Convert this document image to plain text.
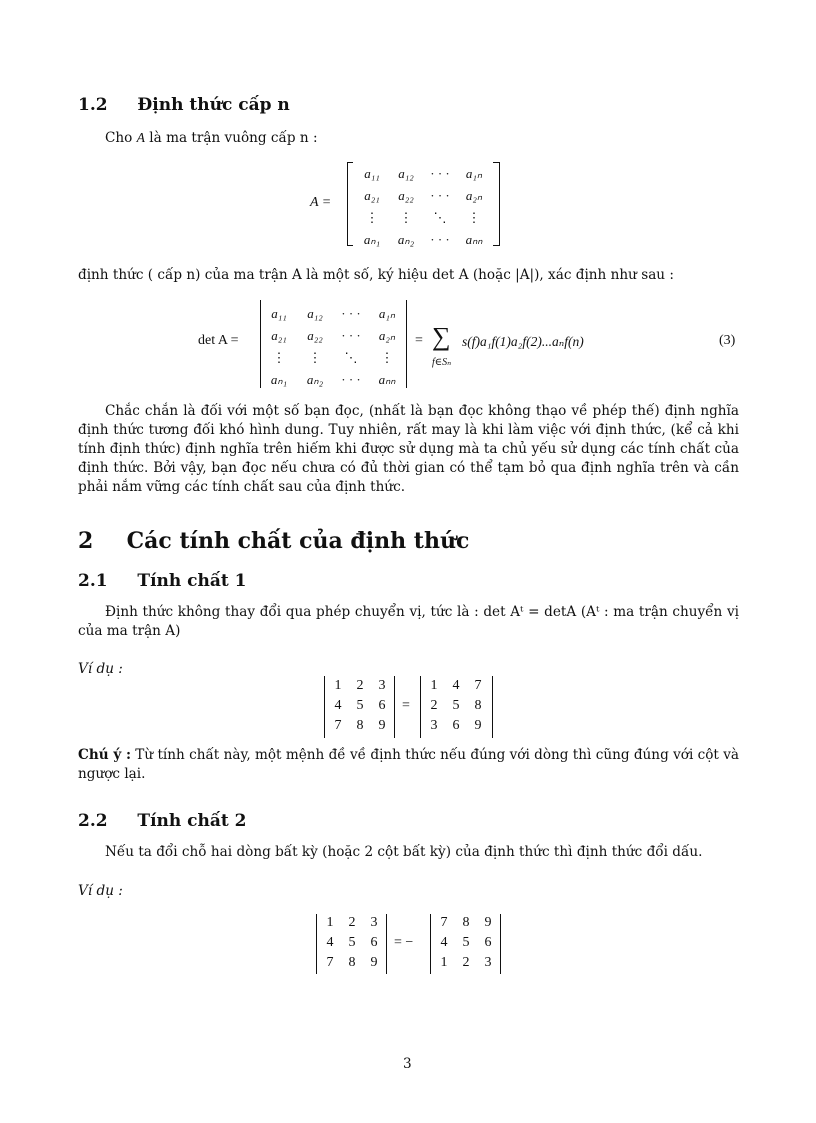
1.2 Định thức cấp n
Cho A là ma trận vuông cấp n :
A =
a₁₁	a₁₂	· · ·	a₁ₙ
a₂₁	a₂₂	· · ·	a₂ₙ
⋮	⋮	⋱	⋮
aₙ₁	aₙ₂	· · ·	aₙₙ
định thức ( cấp n) của ma trận A là một số, ký hiệu det A (hoặc |A|), xác định như sau :
det A =
a₁₁	a₁₂	· · ·	a₁ₙ
a₂₁	a₂₂	· · ·	a₂ₙ
⋮	⋮	⋱	⋮
aₙ₁	aₙ₂	· · ·	aₙₙ
= ∑
f∈Sₙ
s(f)a₁f(1)a₂f(2)...aₙf(n)	(3)
Chắc chắn là đối với một số bạn đọc, (nhất là bạn đọc không thạo về phép thế) định nghĩa định thức tương đối khó hình dung. Tuy nhiên, rất may là khi làm việc với định thức, (kể cả khi tính định thức) định nghĩa trên hiếm khi được sử dụng mà ta chủ yếu sử dụng các tính chất của định thức. Bởi vậy, bạn đọc nếu chưa có đủ thời gian có thể tạm bỏ qua định nghĩa trên và cần phải nắm vững các tính chất sau của định thức.
2 Các tính chất của định thức
2.1 Tính chất 1
Định thức không thay đổi qua phép chuyển vị, tức là : det Aᵗ = detA (Aᵗ : ma trận chuyển vị của ma trận A)
Ví dụ :
1	2	3
4	5	6
7	8	9
=
1	4	7
2	5	8
3	6	9
Chú ý : Từ tính chất này, một mệnh đề về định thức nếu đúng với dòng thì cũng đúng với cột và ngược lại.
2.2 Tính chất 2
Nếu ta đổi chỗ hai dòng bất kỳ (hoặc 2 cột bất kỳ) của định thức thì định thức đổi dấu.
Ví dụ :
1	2	3
4	5	6
7	8	9
= −
7	8	9
4	5	6
1	2	3
3
